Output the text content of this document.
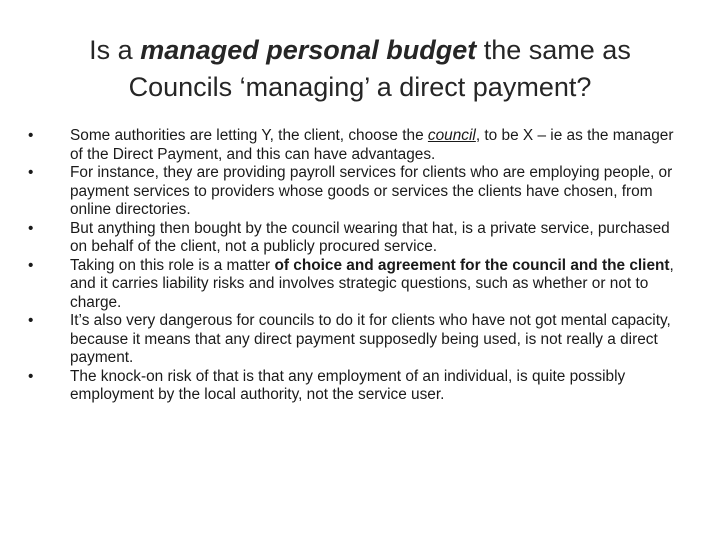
Is a managed personal budget the same as Councils ‘managing’ a direct payment?
• Some authorities are letting Y, the client, choose the council, to be X – ie as the manager of the Direct Payment, and this can have advantages.
• For instance, they are providing payroll services for clients who are employing people, or payment services to providers whose goods or services the clients have chosen, from online directories.
• But anything then bought by the council wearing that hat, is a private service, purchased on behalf of the client, not a publicly procured service.
• Taking on this role is a matter of choice and agreement for the council and the client, and it carries liability risks and involves strategic questions, such as whether or not to charge.
• It’s also very dangerous for councils to do it for clients who have not got mental capacity, because it means that any direct payment supposedly being used, is not really a direct payment.
• The knock-on risk of that is that any employment of an individual, is quite possibly employment by the local authority, not the service user.
